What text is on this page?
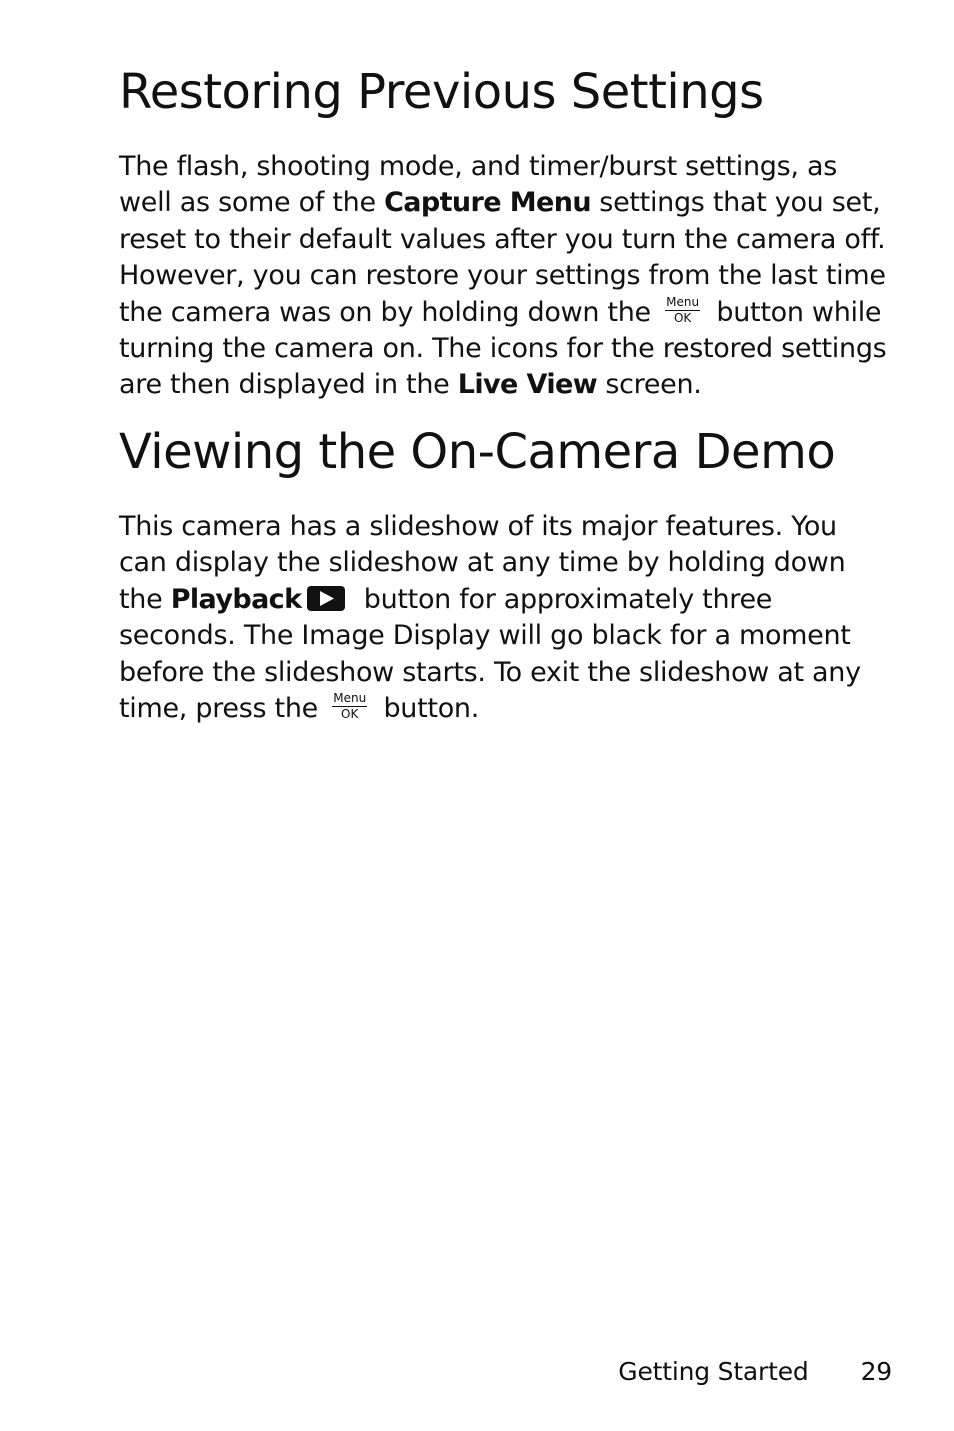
Restoring Previous Settings

The flash, shooting mode, and timer/burst settings, as well as some of the Capture Menu settings that you set, reset to their default values after you turn the camera off. However, you can restore your settings from the last time the camera was on by holding down the Menu
OK button while turning the camera on. The icons for the restored settings are then displayed in the Live View screen.

Viewing the On-Camera Demo

This camera has a slideshow of its major features. You can display the slideshow at any time by holding down the Playback button for approximately three seconds. The Image Display will go black for a moment before the slideshow starts. To exit the slideshow at any time, press the Menu
OK button.

Getting Started 29
